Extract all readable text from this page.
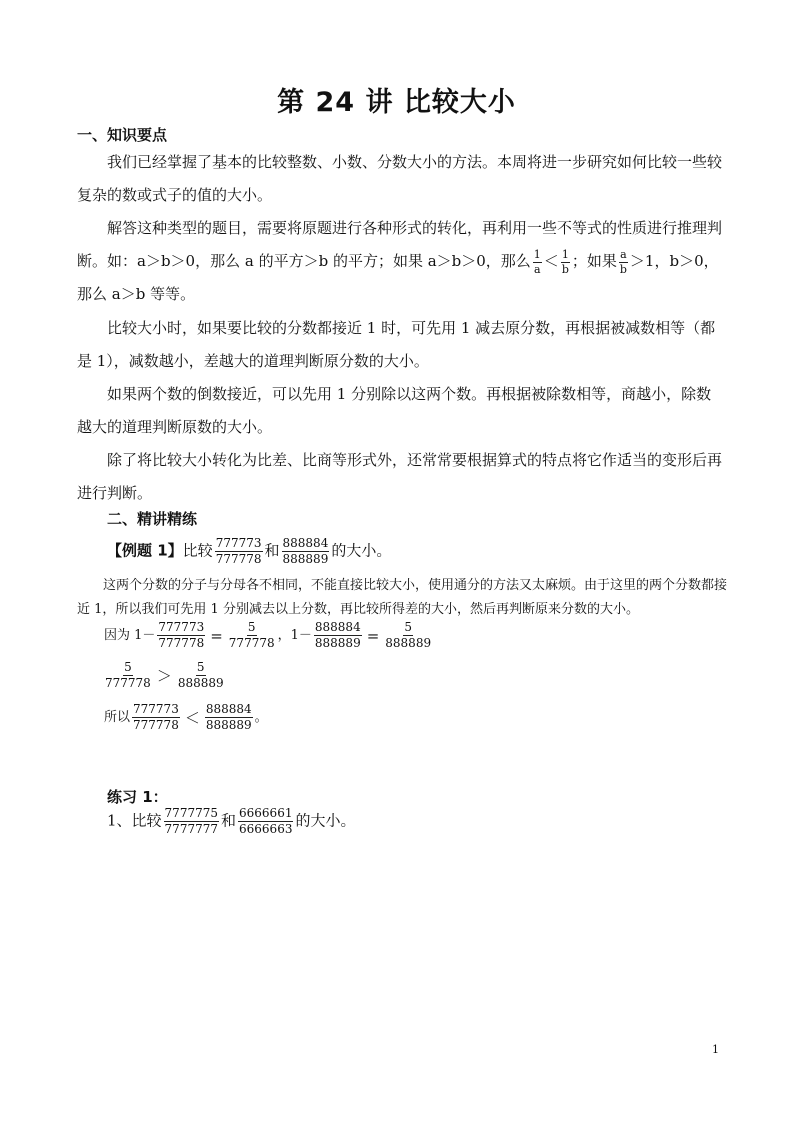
第 24 讲 比较大小
一、知识要点
我们已经掌握了基本的比较整数、小数、分数大小的方法。本周将进一步研究如何比较一些较复杂的数或式子的值的大小。
解答这种类型的题目，需要将原题进行各种形式的转化，再利用一些不等式的性质进行推理判断。如：a＞b＞0，那么 a 的平方＞b 的平方；如果 a＞b＞0，那么 $\frac{1}{a} < \frac{1}{b}$ ；如果 $\frac{a}{b} >1$，b＞0，那么 a＞b 等等。
比较大小时，如果要比较的分数都接近 1 时，可先用 1 减去原分数，再根据被减数相等（都是 1），减数越小，差越大的道理判断原分数的大小。
如果两个数的倒数接近，可以先用 1 分别除以这两个数。再根据被除数相等，商越小，除数越大的道理判断原数的大小。
除了将比较大小转化为比差、比商等形式外，还常常要根据算式的特点将它作适当的变形后再进行判断。
二、精讲精练
【例题 1】比较 $\frac{777773}{777778}$ 和 $\frac{888884}{888889}$ 的大小。
这两个分数的分子与分母各不相同，不能直接比较大小，使用通分的方法又太麻烦。由于这里的两个分数都接近 1，所以我们可先用 1 分别减去以上分数，再比较所得差的大小，然后再判断原来分数的大小。
因为 $1- \frac{777773}{777778} = \frac{5}{777778}$ ，$1- \frac{888884}{888889} = \frac{5}{888889}$
$\frac{5}{777778} > \frac{5}{888889}$
所以 $\frac{777773}{777778} < \frac{888884}{888889}$ 。
练习 1：
1、比较 $\frac{7777775}{7777777}$ 和 $\frac{6666661}{6666663}$ 的大小。
1
